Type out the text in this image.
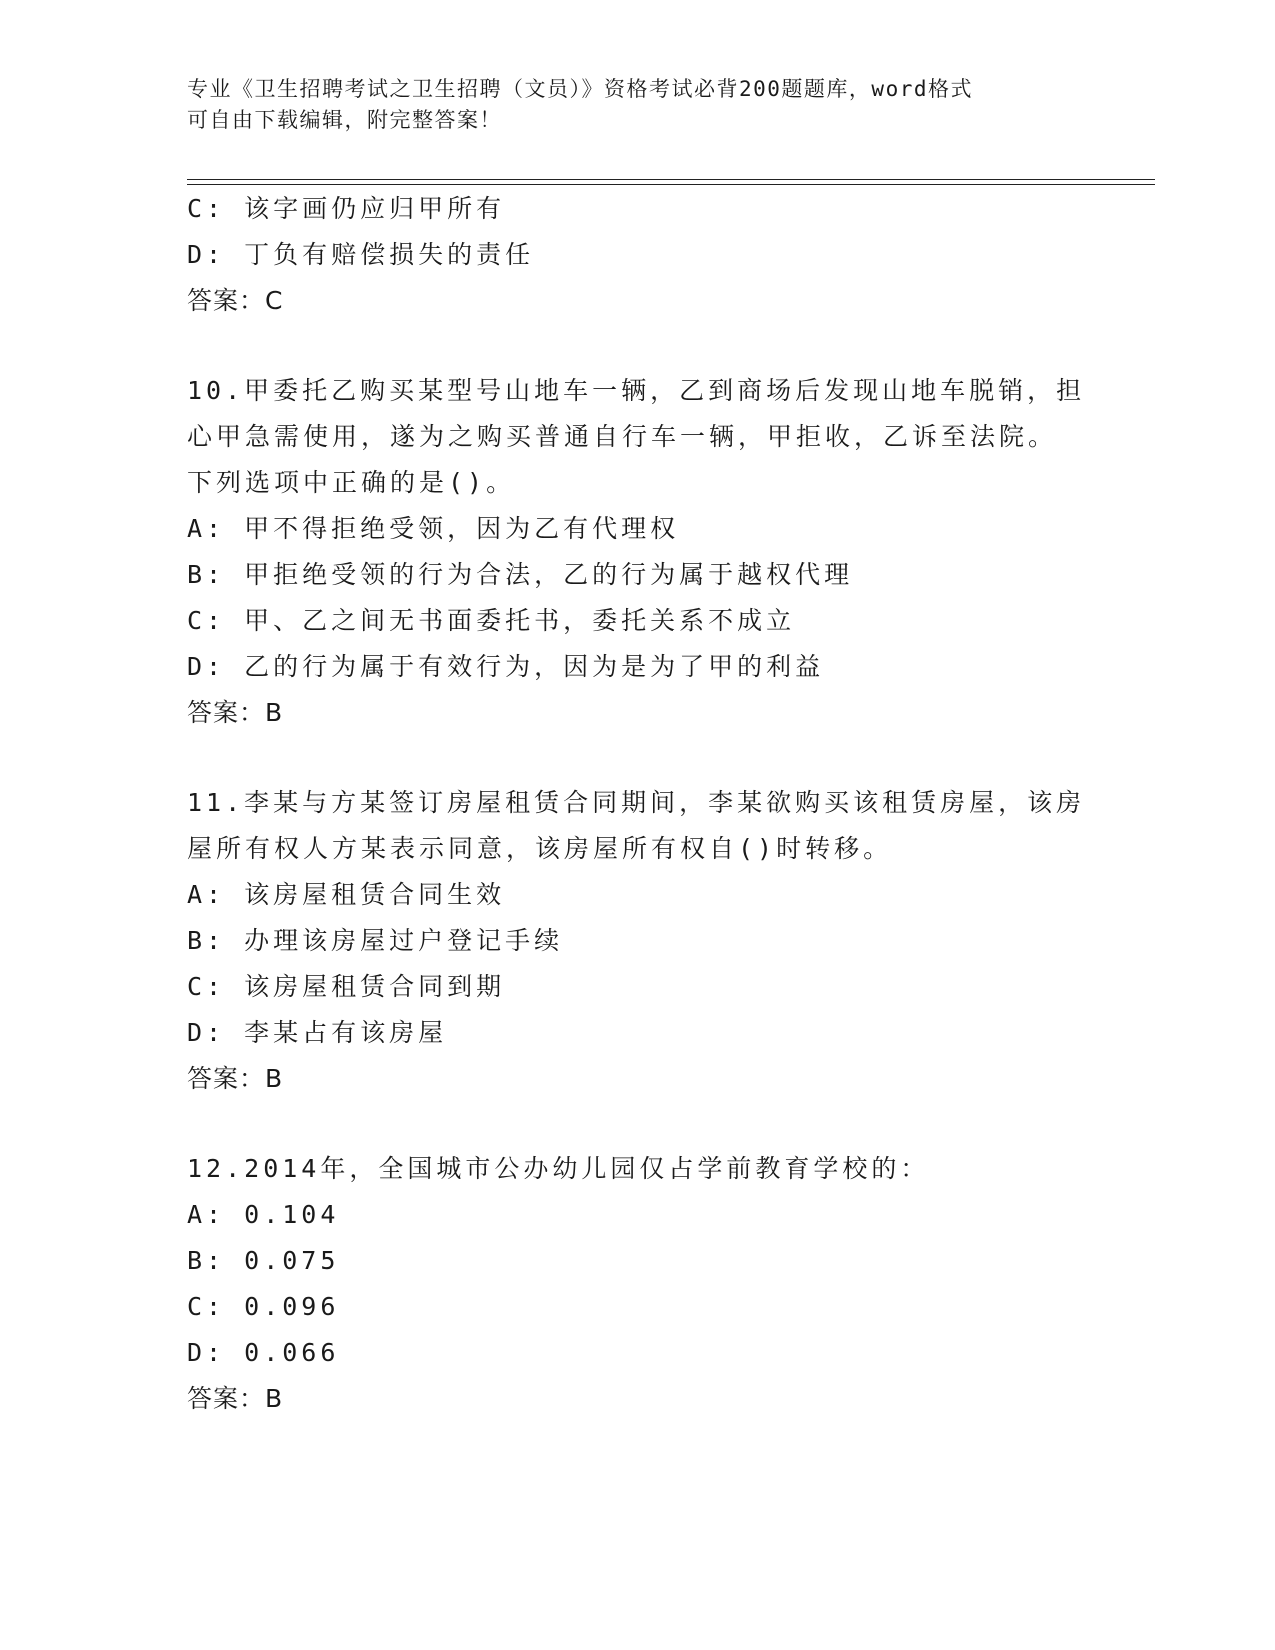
专业《卫生招聘考试之卫生招聘（文员）》资格考试必背200题题库，word格式
可自由下载编辑，附完整答案！
C: 该字画仍应归甲所有
D: 丁负有赔偿损失的责任
答案：C
10.甲委托乙购买某型号山地车一辆，乙到商场后发现山地车脱销，担
心甲急需使用，遂为之购买普通自行车一辆，甲拒收，乙诉至法院。
下列选项中正确的是()。
A: 甲不得拒绝受领，因为乙有代理权
B: 甲拒绝受领的行为合法，乙的行为属于越权代理
C: 甲、乙之间无书面委托书，委托关系不成立
D: 乙的行为属于有效行为，因为是为了甲的利益
答案：B
11.李某与方某签订房屋租赁合同期间，李某欲购买该租赁房屋，该房
屋所有权人方某表示同意，该房屋所有权自()时转移。
A: 该房屋租赁合同生效
B: 办理该房屋过户登记手续
C: 该房屋租赁合同到期
D: 李某占有该房屋
答案：B
12.2014年，全国城市公办幼儿园仅占学前教育学校的：
A: 0.104
B: 0.075
C: 0.096
D: 0.066
答案：B
